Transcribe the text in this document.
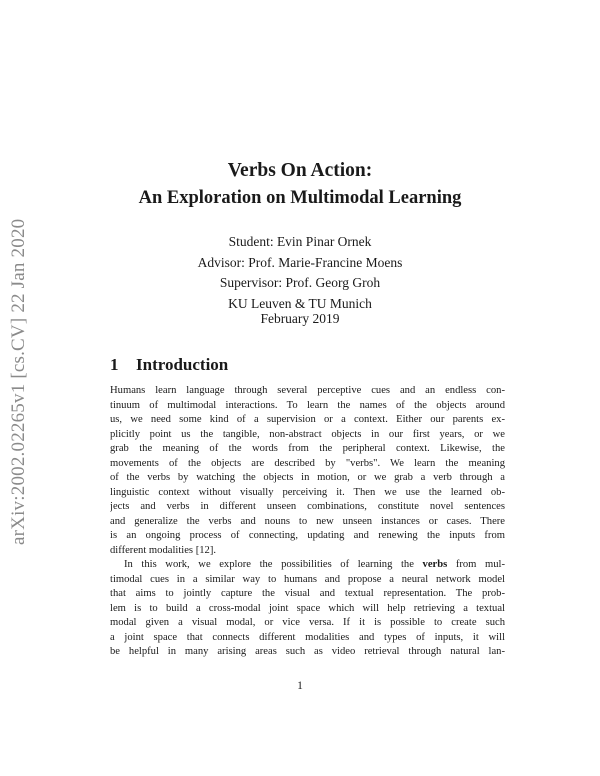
arXiv:2002.02265v1 [cs.CV] 22 Jan 2020
Verbs On Action:
An Exploration on Multimodal Learning
Student: Evin Pinar Ornek
Advisor: Prof. Marie-Francine Moens
Supervisor: Prof. Georg Groh
KU Leuven & TU Munich
February 2019
1 Introduction
Humans learn language through several perceptive cues and an endless con-
tinuum of multimodal interactions. To learn the names of the objects around
us, we need some kind of a supervision or a context. Either our parents ex-
plicitly point us the tangible, non-abstract objects in our first years, or we
grab the meaning of the words from the peripheral context. Likewise, the
movements of the objects are described by "verbs". We learn the meaning
of the verbs by watching the objects in motion, or we grab a verb through a
linguistic context without visually perceiving it. Then we use the learned ob-
jects and verbs in different unseen combinations, constitute novel sentences
and generalize the verbs and nouns to new unseen instances or cases. There
is an ongoing process of connecting, updating and renewing the inputs from
different modalities [12].
In this work, we explore the possibilities of learning the verbs from mul-
timodal cues in a similar way to humans and propose a neural network model
that aims to jointly capture the visual and textual representation. The prob-
lem is to build a cross-modal joint space which will help retrieving a textual
modal given a visual modal, or vice versa. If it is possible to create such
a joint space that connects different modalities and types of inputs, it will
be helpful in many arising areas such as video retrieval through natural lan-
1
